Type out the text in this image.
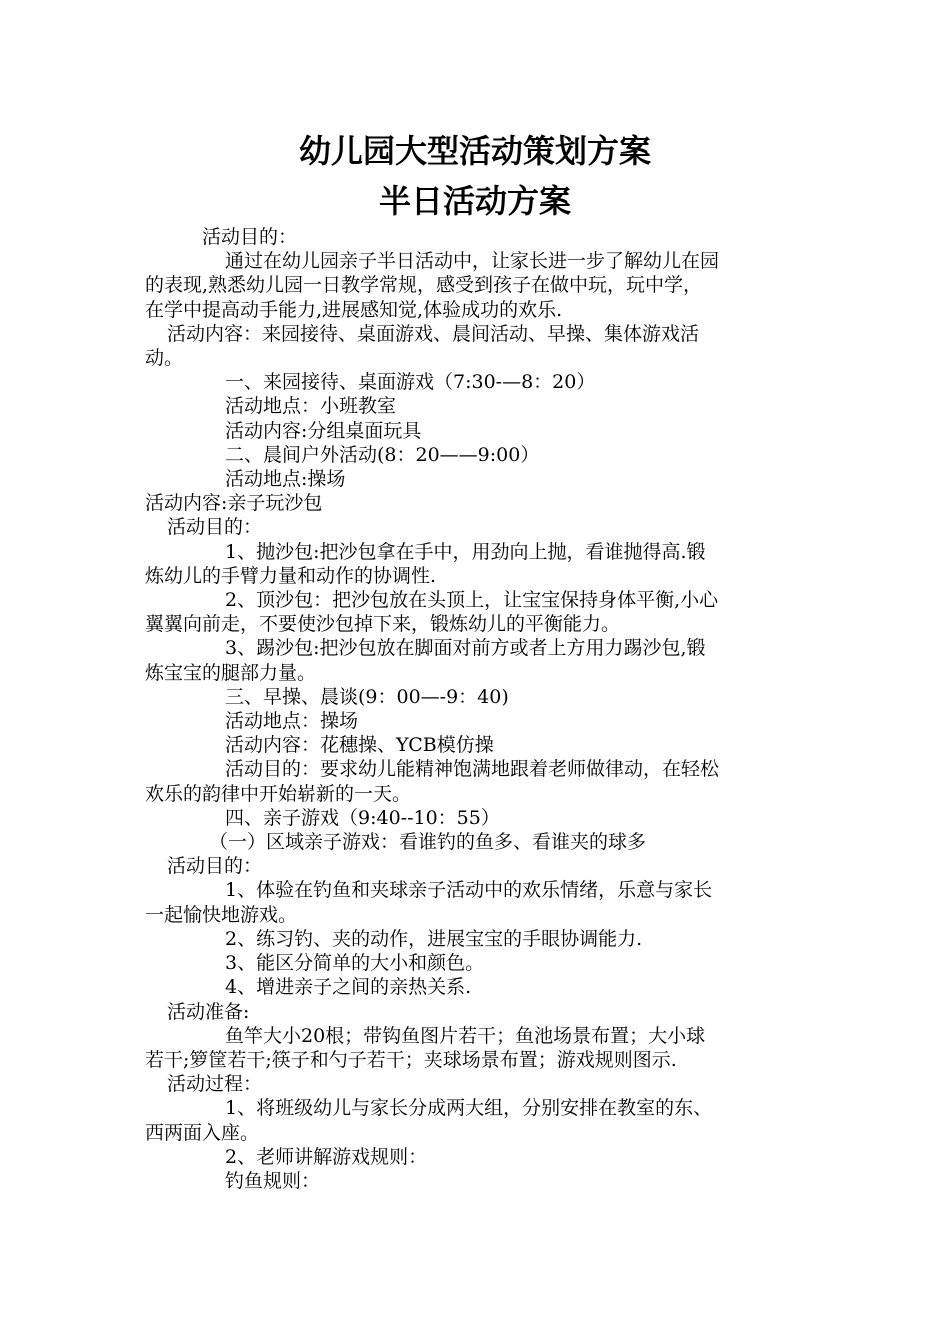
幼儿园大型活动策划方案
半日活动方案

活动目的：

通过在幼儿园亲子半日活动中，让家长进一步了解幼儿在园

的表现,熟悉幼儿园一日教学常规，感受到孩子在做中玩，玩中学，

在学中提高动手能力,进展感知觉,体验成功的欢乐.

活动内容：来园接待、桌面游戏、晨间活动、早操、集体游戏活

动。

一、来园接待、桌面游戏（7:30-—8：20）

活动地点：小班教室

活动内容:分组桌面玩具

二、晨间户外活动(8：20——9:00）

活动地点:操场

活动内容:亲子玩沙包

活动目的：

1、抛沙包:把沙包拿在手中，用劲向上抛，看谁抛得高.锻

炼幼儿的手臂力量和动作的协调性.

2、顶沙包：把沙包放在头顶上，让宝宝保持身体平衡,小心

翼翼向前走，不要使沙包掉下来，锻炼幼儿的平衡能力。

3、踢沙包:把沙包放在脚面对前方或者上方用力踢沙包,锻

炼宝宝的腿部力量。

三、早操、晨谈(9：00—-9：40)

活动地点：操场

活动内容：花穗操、YCB模仿操

活动目的：要求幼儿能精神饱满地跟着老师做律动，在轻松

欢乐的韵律中开始崭新的一天。

四、亲子游戏（9:40--10：55）

（一）区域亲子游戏：看谁钓的鱼多、看谁夹的球多

活动目的：

1、体验在钓鱼和夹球亲子活动中的欢乐情绪，乐意与家长

一起愉快地游戏。

2、练习钓、夹的动作，进展宝宝的手眼协调能力.

3、能区分简单的大小和颜色。

4、增进亲子之间的亲热关系.

活动准备:

鱼竿大小20根；带钩鱼图片若干；鱼池场景布置；大小球

若干;箩筐若干;筷子和勺子若干；夹球场景布置；游戏规则图示.

活动过程：

1、将班级幼儿与家长分成两大组，分别安排在教室的东、

西两面入座。

2、老师讲解游戏规则：

钓鱼规则：
